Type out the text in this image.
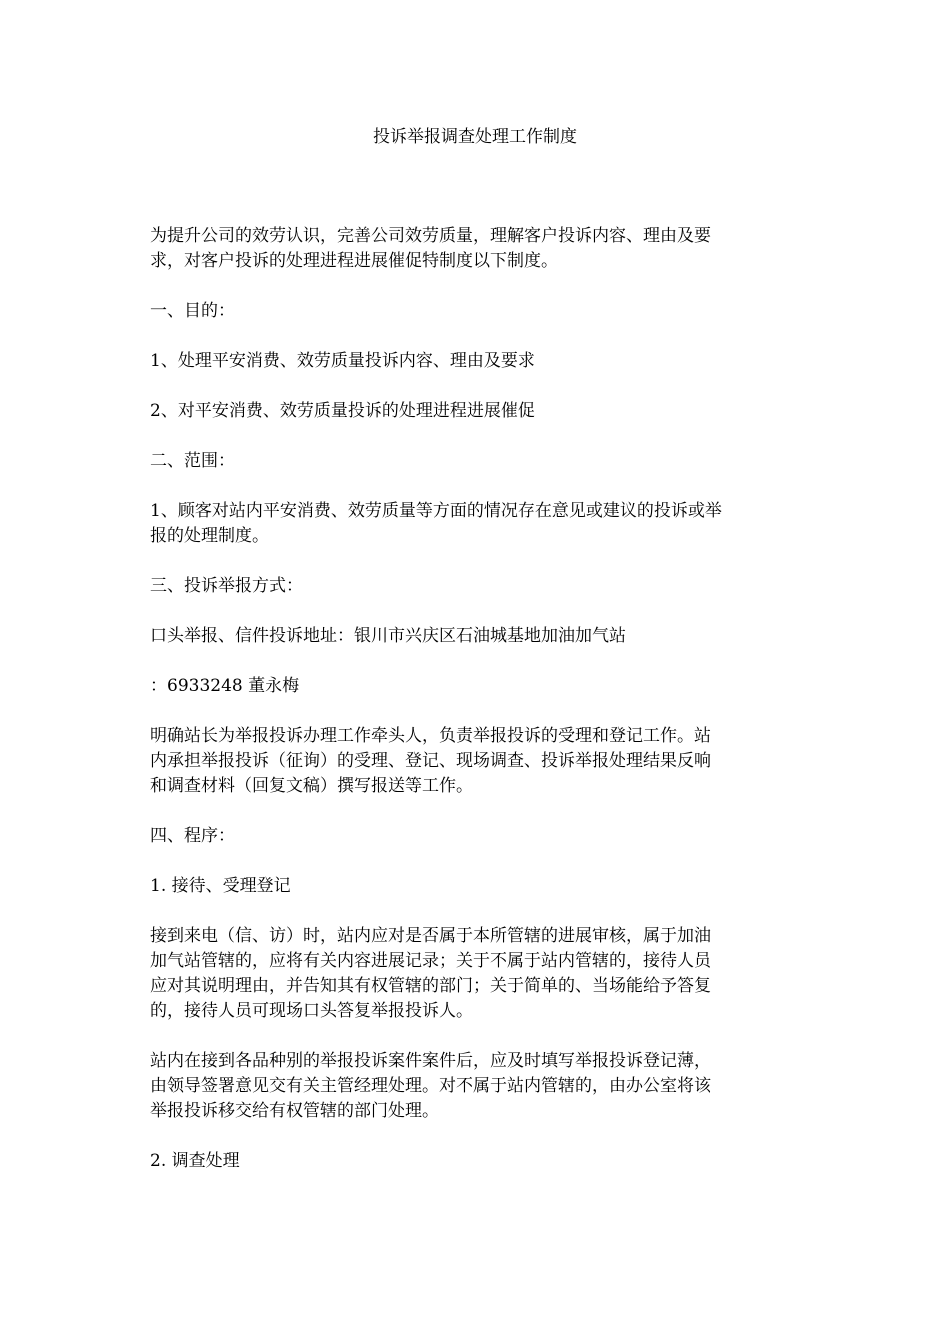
投诉举报调查处理工作制度

为提升公司的效劳认识，完善公司效劳质量，理解客户投诉内容、理由及要
求，对客户投诉的处理进程进展催促特制度以下制度。

一、目的：

1、处理平安消费、效劳质量投诉内容、理由及要求

2、对平安消费、效劳质量投诉的处理进程进展催促

二、范围：

1、顾客对站内平安消费、效劳质量等方面的情况存在意见或建议的投诉或举
报的处理制度。

三、投诉举报方式：

口头举报、信件投诉地址：银川市兴庆区石油城基地加油加气站

：6933248 董永梅

明确站长为举报投诉办理工作牵头人，负责举报投诉的受理和登记工作。站
内承担举报投诉（征询）的受理、登记、现场调查、投诉举报处理结果反响
和调查材料（回复文稿）撰写报送等工作。

四、程序：

1. 接待、受理登记

接到来电（信、访）时，站内应对是否属于本所管辖的进展审核，属于加油
加气站管辖的，应将有关内容进展记录；关于不属于站内管辖的，接待人员
应对其说明理由，并告知其有权管辖的部门；关于简单的、当场能给予答复
的，接待人员可现场口头答复举报投诉人。

站内在接到各品种别的举报投诉案件案件后，应及时填写举报投诉登记薄，
由领导签署意见交有关主管经理处理。对不属于站内管辖的，由办公室将该
举报投诉移交给有权管辖的部门处理。

2. 调查处理
